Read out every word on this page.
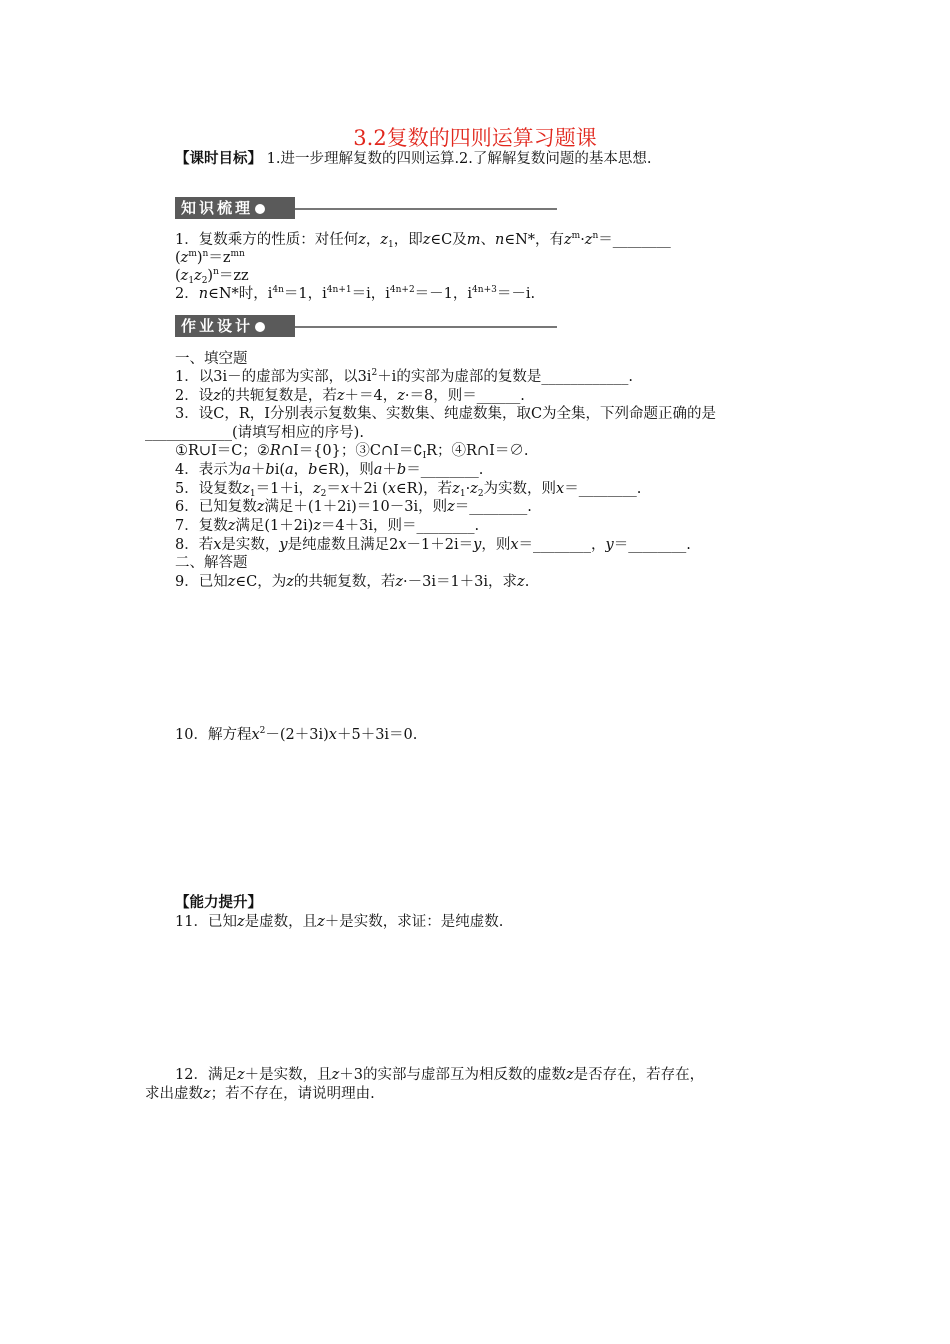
3.2复数的四则运算习题课
【课时目标】 1.进一步理解复数的四则运算.2.了解解复数问题的基本思想.
知识梳理
1．复数乘方的性质：对任何z，$z_1$，即z∈C及m、n∈N*，有$z^m\cdot z^n=\_\_\_\_\_\_\_\_$
$(z^m)^n=z^{mn}$
$(z_1z_2)^n=zz$
2．n∈N*时，$i^{4n}=1$，$i^{4n+1}=i$，$i^{4n+2}=-1$，$i^{4n+3}=-i$.
作业设计
一、填空题
1．以3i－的虚部为实部，以$3i^2+i$的实部为虚部的复数是____________.
2．设z的共轭复数是，若z＋＝4，z·＝8，则＝______.
3．设C，R，I分别表示复数集、实数集、纯虚数集，取C为全集，下列命题正确的是
____________(请填写相应的序号).
①R∪I＝C；②R∩I＝{0}；$③C\cap I=∁_IR$；④R∩I＝∅.
4．表示为a＋bi(a，b∈R)，则a＋b＝________.
5．设复数$z_1=1+i$，$z_2=x+2i$ (x∈R)，若$z_1\cdot z_2$为实数，则x＝________.
6．已知复数z满足＋(1＋2i)＝10－3i，则z＝________.
7．复数z满足(1＋2i)z＝4＋3i，则＝________.
8．若x是实数，y是纯虚数且满足2x－1＋2i＝y，则x＝________，y＝________.
二、解答题
9．已知z∈C，为z的共轭复数，若z·－3i＝1＋3i，求z.
10．解方程$x^2-(2+3i)x+5+3i=0$.
【能力提升】
11．已知z是虚数，且z＋是实数，求证：是纯虚数.
12．满足z＋是实数，且z＋3的实部与虚部互为相反数的虚数z是否存在，若存在，
求出虚数z；若不存在，请说明理由.
